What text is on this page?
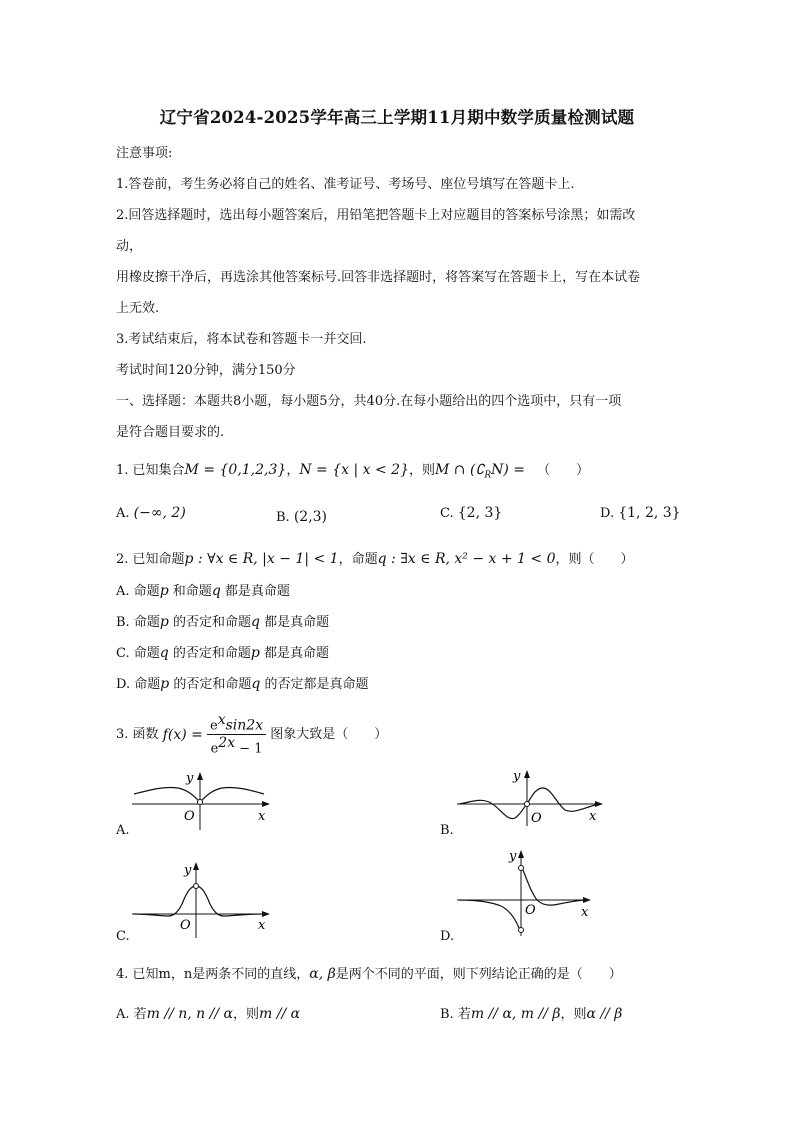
辽宁省2024-2025学年高三上学期11月期中数学质量检测试题
注意事项:
1.答卷前，考生务必将自己的姓名、准考证号、考场号、座位号填写在答题卡上.
2.回答选择题时，选出每小题答案后，用铅笔把答题卡上对应题目的答案标号涂黑；如需改
动，
用橡皮擦干净后，再选涂其他答案标号.回答非选择题时，将答案写在答题卡上，写在本试卷
上无效.
3.考试结束后，将本试卷和答题卡一并交回.
考试时间120分钟，满分150分
一、选择题：本题共8小题，每小题5分，共40分.在每小题给出的四个选项中，只有一项
是符合题目要求的.
1. 已知集合M = {0,1,2,3}，N = {x | x < 2}，则M ∩ $(∁_RN)$ = （　　）
A. (−∞, 2)	B. (2,3)	C. {2, 3}	D. {1, 2, 3}
2. 已知命题p : ∀x ∈ R, |x − 1| < 1，命题q : ∃x ∈ R, x² − x + 1 < 0，则（　　）
A. 命题p 和命题q 都是真命题
B. 命题p 的否定和命题q 都是真命题
C. 命题q 的否定和命题p 都是真命题
D. 命题p 的否定和命题q 的否定都是真命题
3. 函数 $f(x) = \frac{e^x\sin 2x}{e^{2x} - 1}$ 图象大致是（　　）
y
O	x
A.
y
O	x
B.
y
O	x
C.
y
O	x
D.
4. 已知m，n是两条不同的直线，α, β是两个不同的平面，则下列结论正确的是（　　）
A. 若m // n, n // α，则m // α	B. 若m // α, m // β，则α // β
